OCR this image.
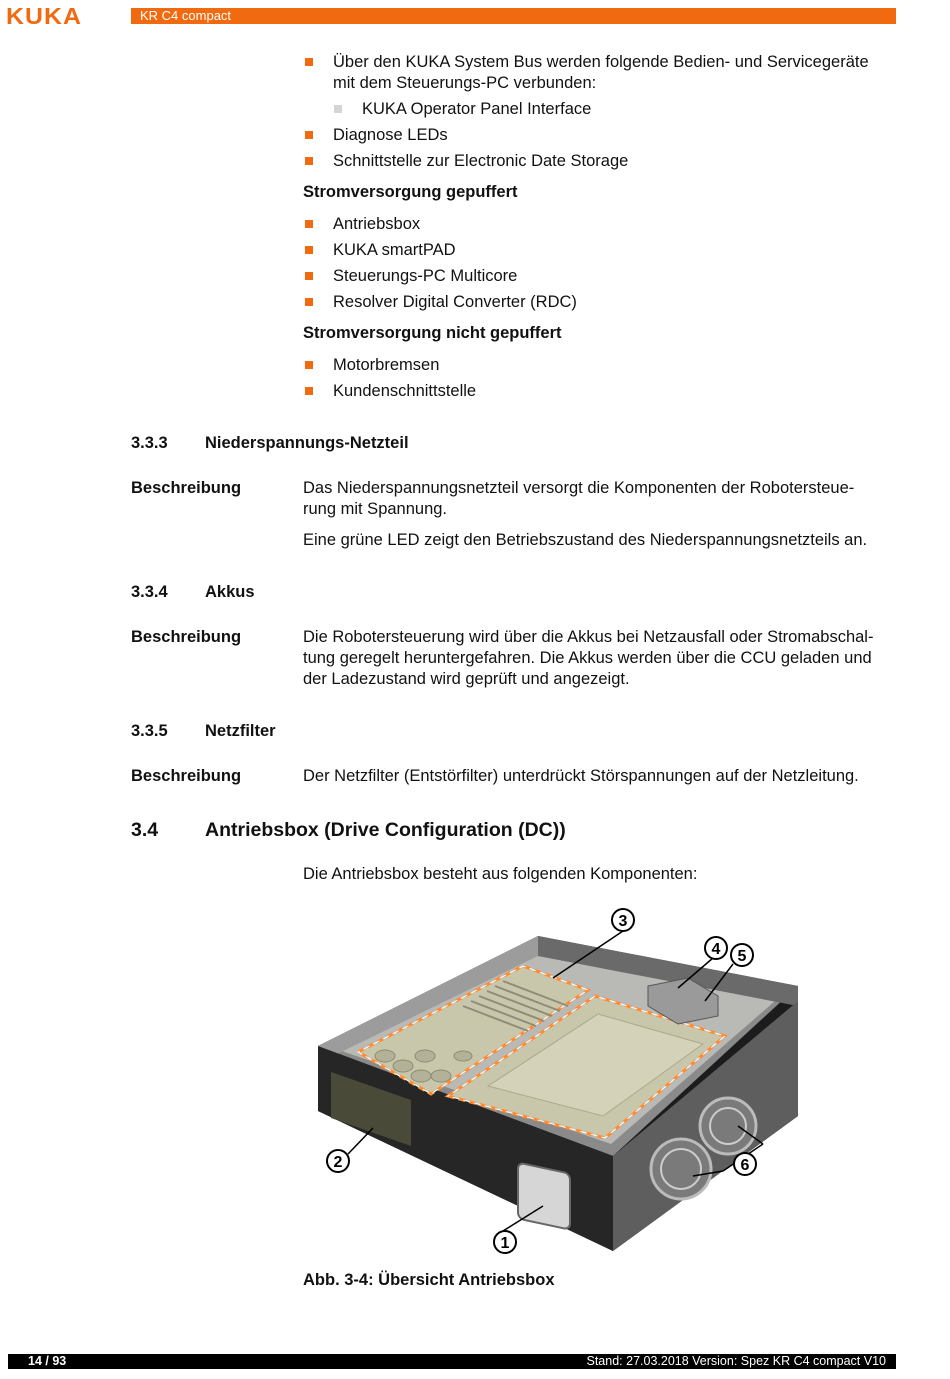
KUKA	KR C4 compact
Über den KUKA System Bus werden folgende Bedien- und Servicegeräte
mit dem Steuerungs-PC verbunden:
KUKA Operator Panel Interface
Diagnose LEDs
Schnittstelle zur Electronic Date Storage
Stromversorgung gepuffert
Antriebsbox
KUKA smartPAD
Steuerungs-PC Multicore
Resolver Digital Converter (RDC)
Stromversorgung nicht gepuffert
Motorbremsen
Kundenschnittstelle
3.3.3 Niederspannungs-Netzteil
Beschreibung	Das Niederspannungsnetzteil versorgt die Komponenten der Robotersteue-
rung mit Spannung.
Eine grüne LED zeigt den Betriebszustand des Niederspannungsnetzteils an.
3.3.4 Akkus
Beschreibung	Die Robotersteuerung wird über die Akkus bei Netzausfall oder Stromabschal-
tung geregelt heruntergefahren. Die Akkus werden über die CCU geladen und
der Ladezustand wird geprüft und angezeigt.
3.3.5 Netzfilter
Beschreibung	Der Netzfilter (Entstörfilter) unterdrückt Störspannungen auf der Netzleitung.
3.4 Antriebsbox (Drive Configuration (DC))
Die Antriebsbox besteht aus folgenden Komponenten:
3
4 5
2	6
1
Abb. 3-4: Übersicht Antriebsbox
14 / 93	Stand: 27.03.2018 Version: Spez KR C4 compact V10
